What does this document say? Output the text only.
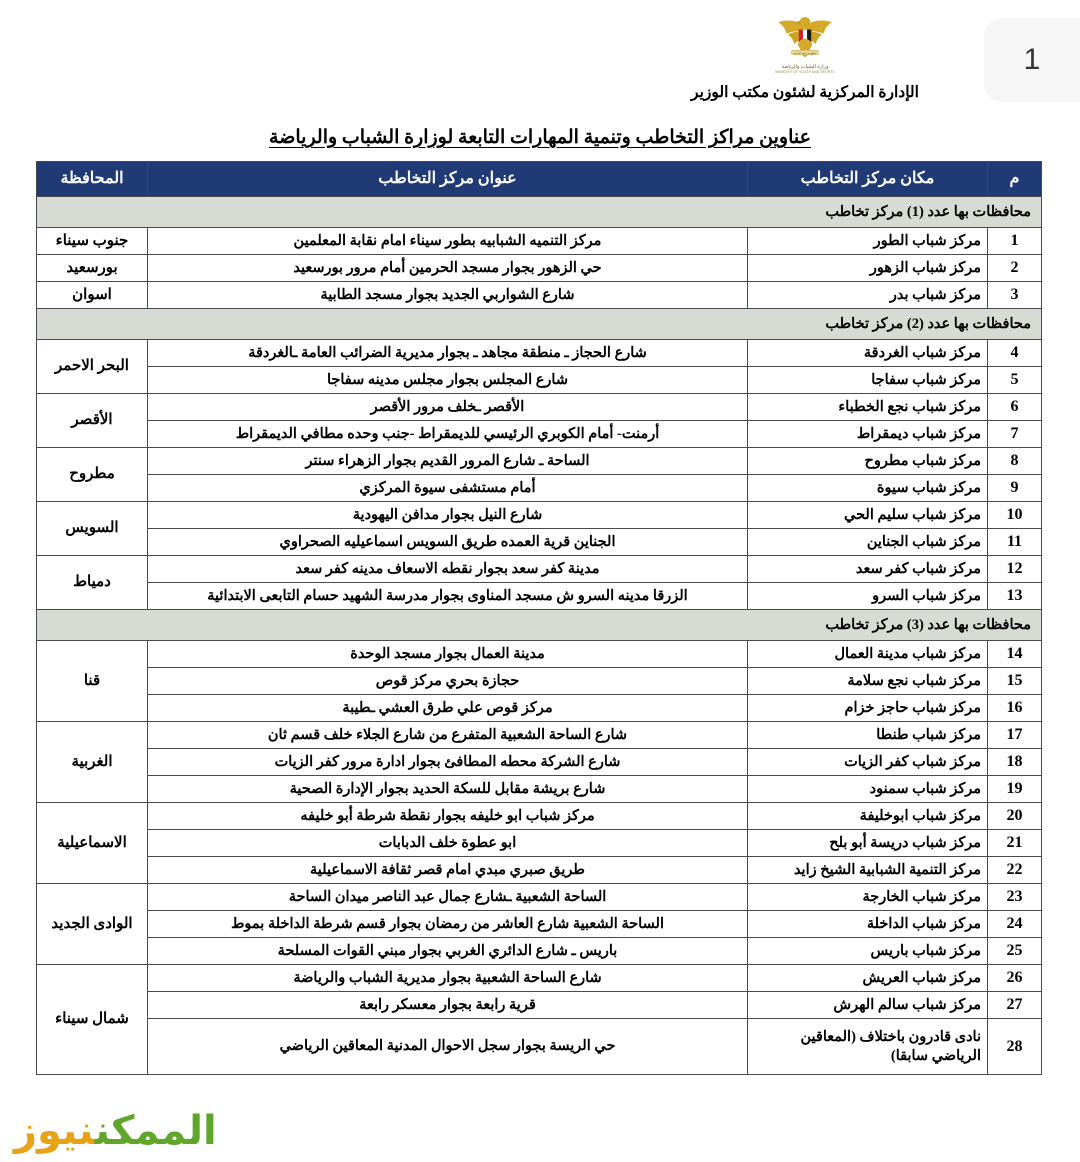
1
جمهورية مصر العربية
وزارة الشباب والرياضة
MINISTRY OF YOUTH AND SPORTS
الإدارة المركزية لشئون مكتب الوزير
عناوين مراكز التخاطب وتنمية المهارات التابعة لوزارة الشباب والرياضة
م	مكان مركز التخاطب	عنوان مركز التخاطب	المحافظة
محافظات بها عدد (1) مركز تخاطب			
1	مركز شباب الطور	مركز التنميه الشبابيه بطور سيناء امام نقابة المعلمين	جنوب سيناء
2	مركز شباب الزهور	حي الزهور بجوار مسجد الحرمين أمام مرور بورسعيد	بورسعيد
3	مركز شباب بدر	شارع الشواربي الجديد بجوار مسجد الطابية	اسوان
محافظات بها عدد (2) مركز تخاطب			
4	مركز شباب الغردقة	شارع الحجاز ـ منطقة مجاهد ـ بجوار مديرية الضرائب العامة ـالغردقة	البحر الاحمر
5	مركز شباب سفاجا	شارع المجلس بجوار مجلس مدينه سفاجا	
6	مركز شباب نجع الخطباء	الأقصر ـخلف مرور الأقصر	الأقصر
7	مركز شباب ديمقراط	أرمنت- أمام الكوبري الرئيسي للديمقراط -جنب وحده مطافي الديمقراط	
8	مركز شباب مطروح	الساحة ـ شارع المرور القديم بجوار الزهراء سنتر	مطروح
9	مركز شباب سيوة	أمام مستشفى سيوة المركزي	
10	مركز شباب سليم الحي	شارع النيل بجوار مدافن اليهودية	السويس
11	مركز شباب الجناين	الجناين قرية العمده طريق السويس اسماعيليه الصحراوي	
12	مركز شباب كفر سعد	مدينة كفر سعد بجوار نقطه الاسعاف مدينه كفر سعد	دمياط
13	مركز شباب السرو	الزرقا مدينه السرو ش مسجد المناوى بجوار مدرسة الشهيد حسام التابعى الابتدائية	
محافظات بها عدد (3) مركز تخاطب			
14	مركز شباب مدينة العمال	مدينة العمال بجوار مسجد الوحدة	قنا
15	مركز شباب نجع سلامة	حجازة بحري مركز قوص	
16	مركز شباب حاجز خزام	مركز قوص علي طرق العشي ـطيبة	
17	مركز شباب طنطا	شارع الساحة الشعبية المتفرع من شارع الجلاء خلف قسم ثان	الغربية
18	مركز شباب كفر الزيات	شارع الشركة محطه المطافئ بجوار ادارة مرور كفر الزيات	
19	مركز شباب سمنود	شارع بريشة مقابل للسكة الحديد بجوار الإدارة الصحية	
20	مركز شباب ابوخليفة	مركز شباب ابو خليفه بجوار نقطة شرطة أبو خليفه	الاسماعيلية
21	مركز شباب دريسة أبو بلح	ابو عطوة خلف الدبابات	
22	مركز التنمية الشبابية الشيخ زايد	طريق صبري مبدي امام قصر ثقافة الاسماعيلية	
23	مركز شباب الخارجة	الساحة الشعبية ـشارع جمال عبد الناصر ميدان الساحة	الوادى الجديد
24	مركز شباب الداخلة	الساحة الشعبية شارع العاشر من رمضان بجوار قسم شرطة الداخلة بموط	
25	مركز شباب باريس	باريس ـ شارع الدائري الغربي بجوار مبني القوات المسلحة	
26	مركز شباب العريش	شارع الساحة الشعبية بجوار مديرية الشباب والرياضة	شمال سيناء
27	مركز شباب سالم الهرش	قرية رابعة بجوار معسكر رابعة	
28	نادى قادرون باختلاف (المعاقين الرياضي سابقا)	حي الريسة بجوار سجل الاحوال المدنية المعاقين الرياضي	
الممكننيوز
